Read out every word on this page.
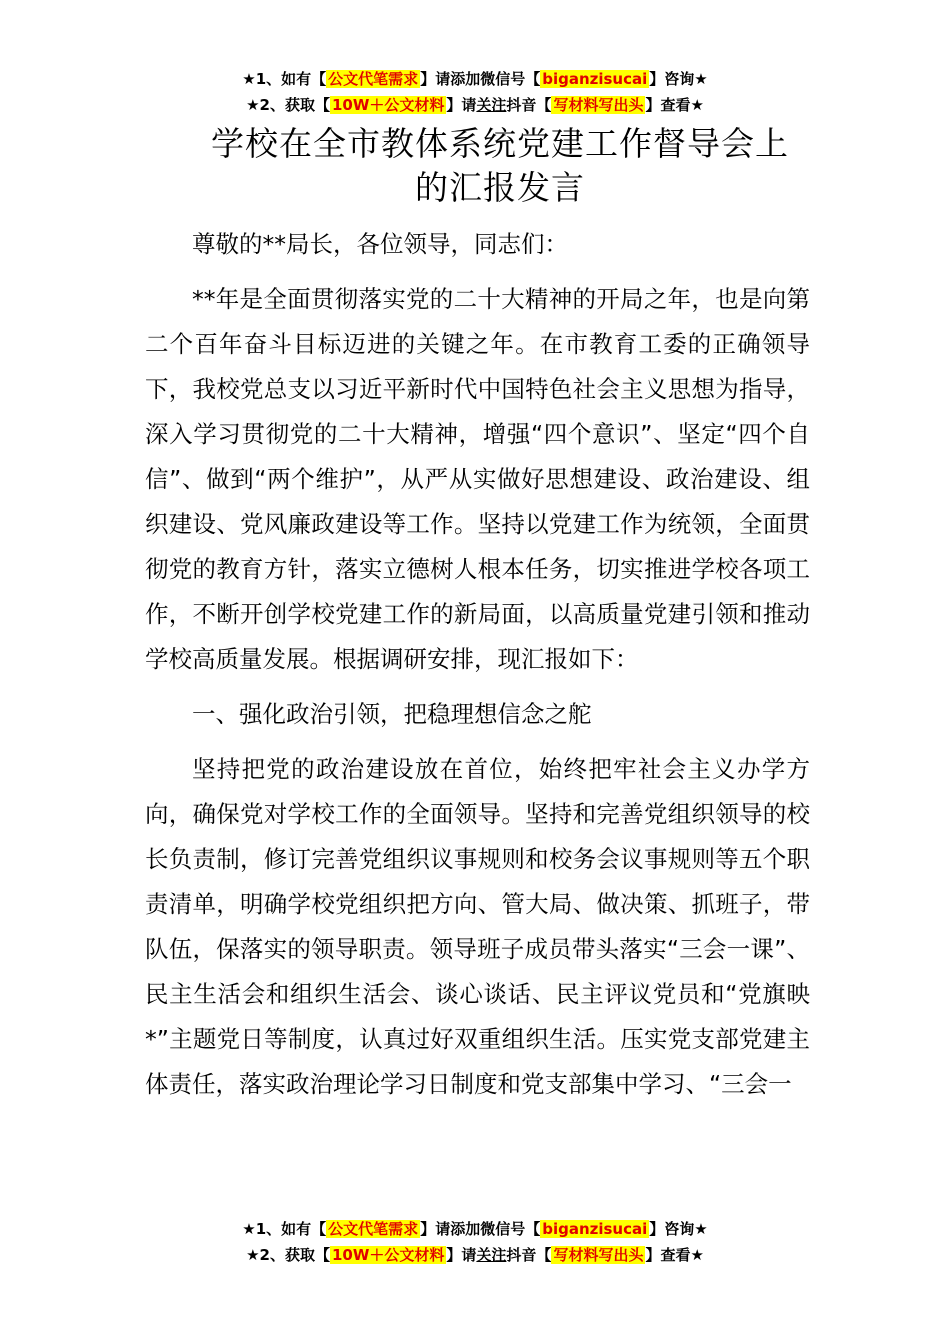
★1、如有【 公文代笔需求 】请添加微信号【 biganzisucai 】咨询★
★2、获取【 10W＋公文材料 】请关注抖音【 写材料写出头 】查看★
学校在全市教体系统党建工作督导会上
的汇报发言

尊敬的**局长，各位领导，同志们：

**年是全面贯彻落实党的二十大精神的开局之年，也是向第二个百年奋斗目标迈进的关键之年。在市教育工委的正确领导下，我校党总支以习近平新时代中国特色社会主义思想为指导，深入学习贯彻党的二十大精神，增强“四个意识”、坚定“四个自信”、做到“两个维护”，从严从实做好思想建设、政治建设、组织建设、党风廉政建设等工作。坚持以党建工作为统领，全面贯彻党的教育方针，落实立德树人根本任务，切实推进学校各项工作，不断开创学校党建工作的新局面，以高质量党建引领和推动学校高质量发展。根据调研安排，现汇报如下：

一、强化政治引领，把稳理想信念之舵

坚持把党的政治建设放在首位，始终把牢社会主义办学方向，确保党对学校工作的全面领导。坚持和完善党组织领导的校长负责制，修订完善党组织议事规则和校务会议事规则等五个职责清单，明确学校党组织把方向、管大局、做决策、抓班子，带队伍，保落实的领导职责。领导班子成员带头落实“三会一课”、民主生活会和组织生活会、谈心谈话、民主评议党员和“党旗映*”主题党日等制度，认真过好双重组织生活。压实党支部党建主体责任，落实政治理论学习日制度和党支部集中学习、“三会一

★1、如有【 公文代笔需求 】请添加微信号【 biganzisucai 】咨询★
★2、获取【 10W＋公文材料 】请关注抖音【 写材料写出头 】查看★
